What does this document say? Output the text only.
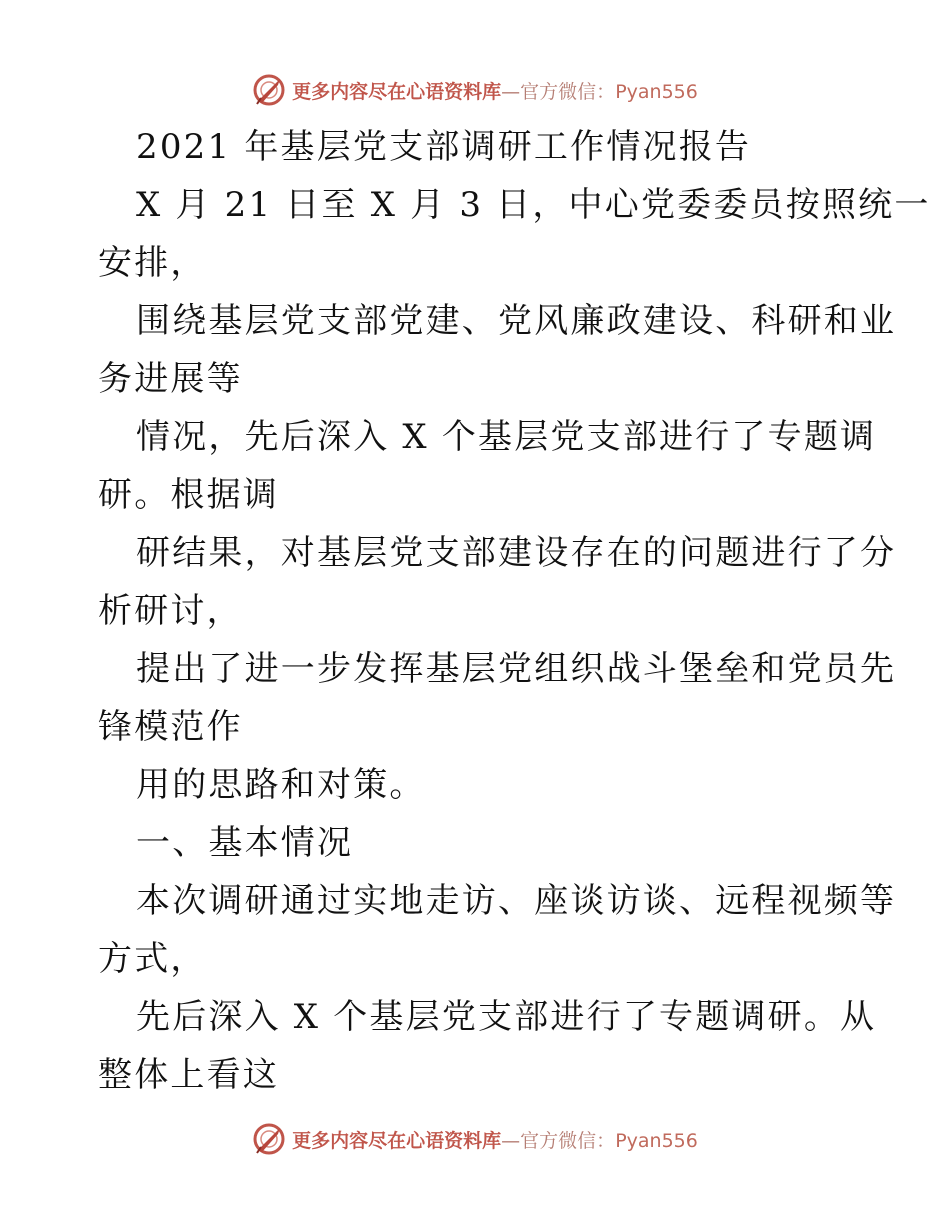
更多内容尽在心语资料库—官方微信：Pyan556
2021 年基层党支部调研工作情况报告
X 月 21 日至 X 月 3 日，中心党委委员按照统一
安排，
围绕基层党支部党建、党风廉政建设、科研和业
务进展等
情况，先后深入 X 个基层党支部进行了专题调
研。根据调
研结果，对基层党支部建设存在的问题进行了分
析研讨，
提出了进一步发挥基层党组织战斗堡垒和党员先
锋模范作
用的思路和对策。
一、基本情况
本次调研通过实地走访、座谈访谈、远程视频等
方式，
先后深入 X 个基层党支部进行了专题调研。从
整体上看这
更多内容尽在心语资料库—官方微信：Pyan556
